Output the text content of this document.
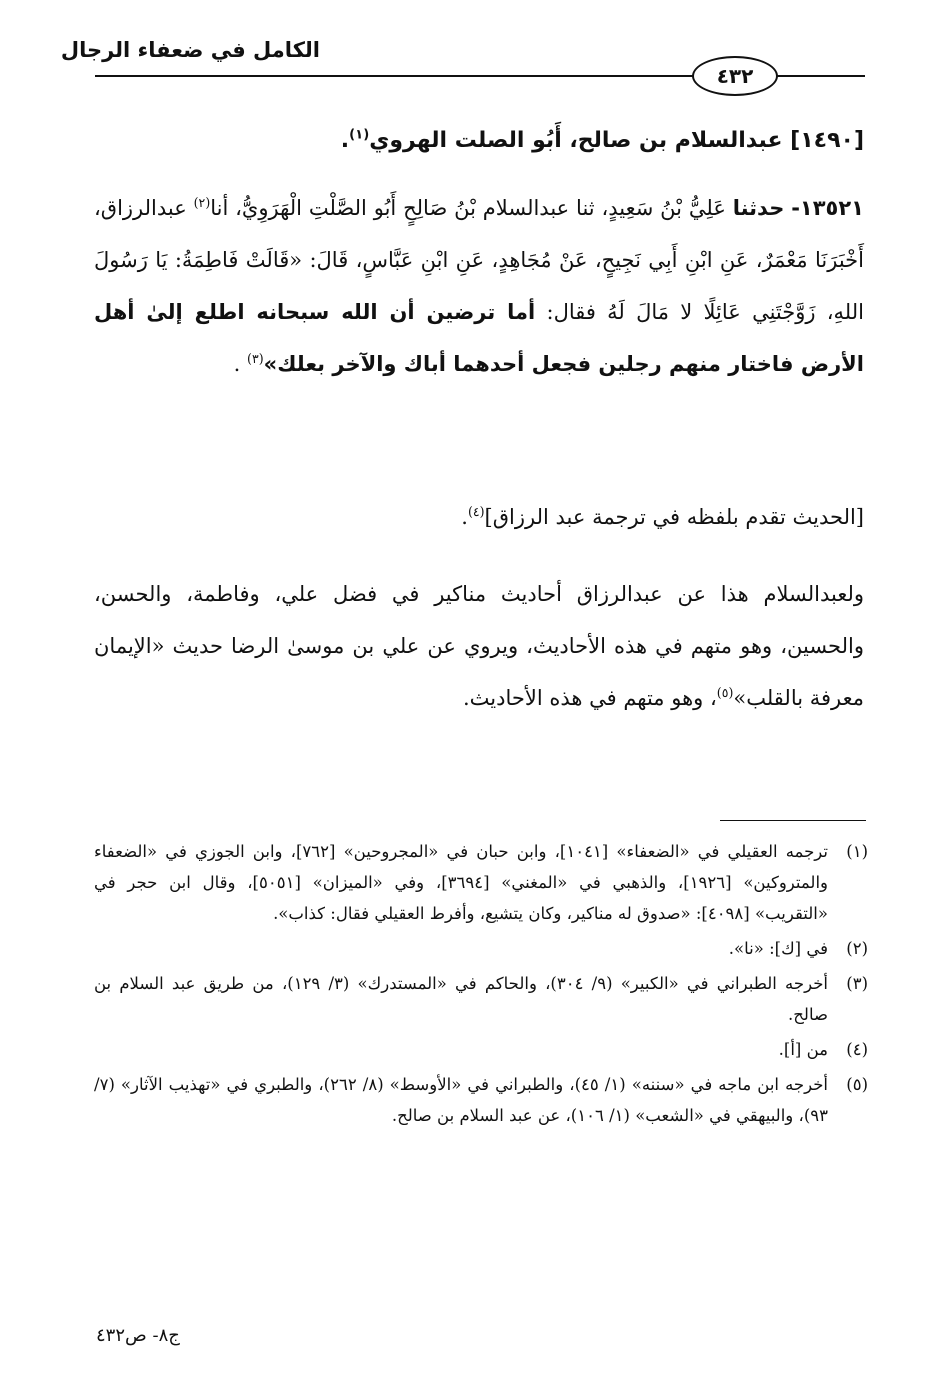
الكامل في ضعفاء الرجال
٤٣٢
[١٤٩٠] عبدالسلام بن صالح، أَبُو الصلت الهروي$^{(١)}$.
١٣٥٢١- حدثنا عَلِيُّ بْنُ سَعِيدٍ، ثنا عبدالسلام بْنُ صَالِحٍ أَبُو الصَّلْتِ الْهَرَوِيُّ، أنا$^{(٢)}$ عبدالرزاق، أَخْبَرَنَا مَعْمَرٌ، عَنِ ابْنِ أَبِي نَجِيحٍ، عَنْ مُجَاهِدٍ، عَنِ ابْنِ عَبَّاسٍ، قَالَ: «قَالَتْ فَاطِمَةُ: يَا رَسُولَ اللهِ، زَوَّجْتَنِي عَائِلًا لا مَالَ لَهُ فقال: أما ترضين أن الله سبحانه اطلع إلىٰ أهل الأرض فاختار منهم رجلين فجعل أحدهما أباك والآخر بعلك»$^{(٣)}$ .
[الحديث تقدم بلفظه في ترجمة عبد الرزاق]$^{(٤)}$.
ولعبدالسلام هذا عن عبدالرزاق أحاديث مناكير في فضل علي، وفاطمة، والحسن، والحسين، وهو متهم في هذه الأحاديث، ويروي عن علي بن موسىٰ الرضا حديث «الإيمان معرفة بالقلب»$^{(٥)}$، وهو متهم في هذه الأحاديث.
(١)
ترجمه العقيلي في «الضعفاء» [١٠٤١]، وابن حبان في «المجروحين» [٧٦٢]، وابن الجوزي في «الضعفاء والمتروكين» [١٩٢٦]، والذهبي في «المغني» [٣٦٩٤]، وفي «الميزان» [٥٠٥١]، وقال ابن حجر في «التقريب» [٤٠٩٨]: «صدوق له مناكير، وكان يتشيع، وأفرط العقيلي فقال: كذاب».
(٢)
في [ك]: «نا».
(٣)
أخرجه الطبراني في «الكبير» (٩/ ٣٠٤)، والحاكم في «المستدرك» (٣/ ١٢٩)، من طريق عبد السلام بن صالح.
(٤)
من [أ].
(٥)
أخرجه ابن ماجه في «سننه» (١/ ٤٥)، والطبراني في «الأوسط» (٨/ ٢٦٢)، والطبري في «تهذيب الآثار» (٧/ ٩٣)، والبيهقي في «الشعب» (١/ ١٠٦)، عن عبد السلام بن صالح.
ج٨- ص٤٣٢
